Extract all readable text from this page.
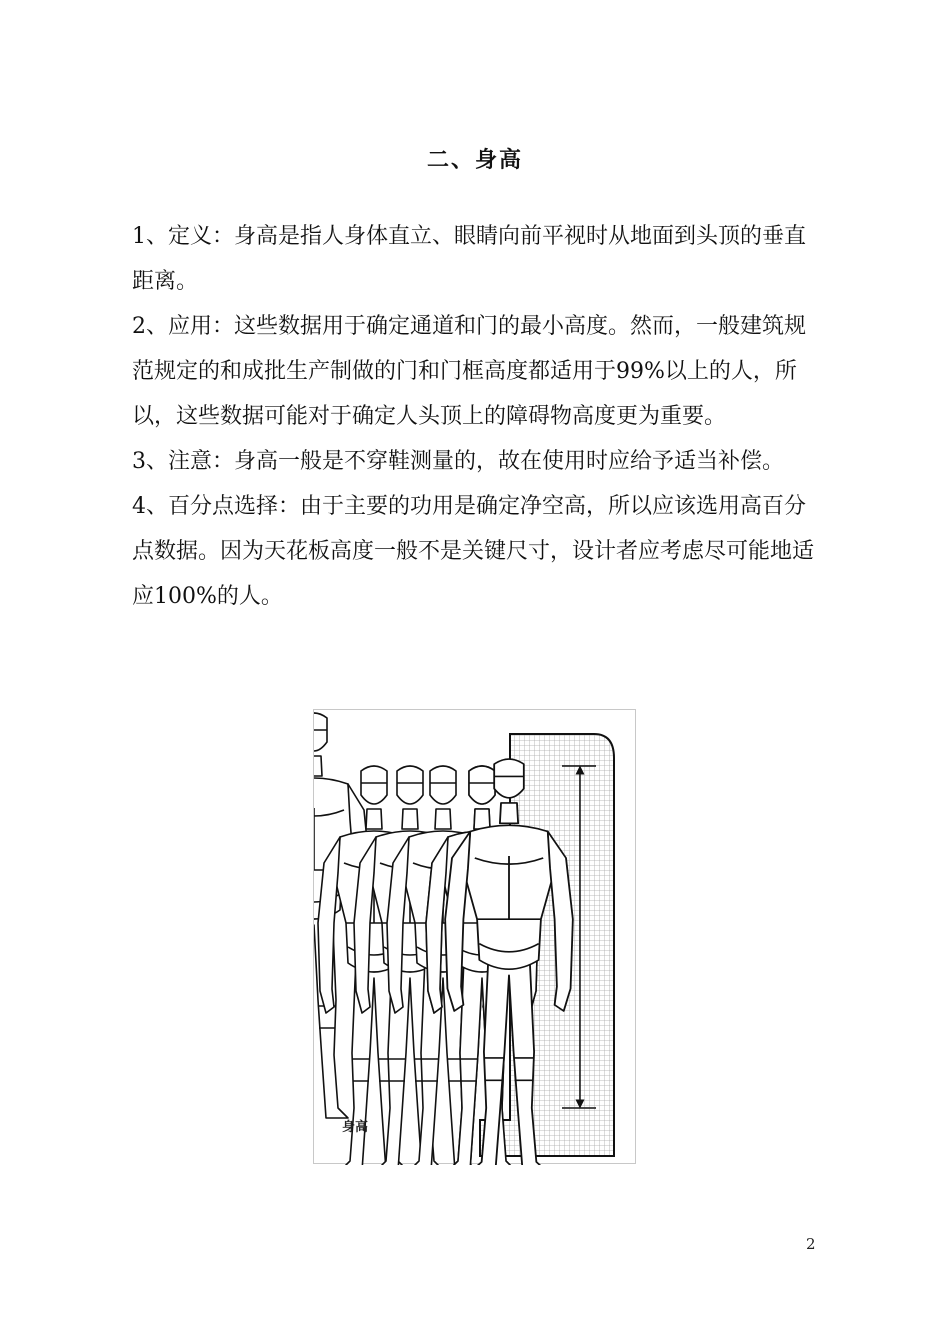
二、身高

1、定义：身高是指人身体直立、眼睛向前平视时从地面到头顶的垂直距离。

2、应用：这些数据用于确定通道和门的最小高度。然而，一般建筑规范规定的和成批生产制做的门和门框高度都适用于99%以上的人，所以，这些数据可能对于确定人头顶上的障碍物高度更为重要。

3、注意：身高一般是不穿鞋测量的，故在使用时应给予适当补偿。

4、百分点选择：由于主要的功用是确定净空高，所以应该选用高百分点数据。因为天花板高度一般不是关键尺寸，设计者应考虑尽可能地适应100%的人。

身高
2
